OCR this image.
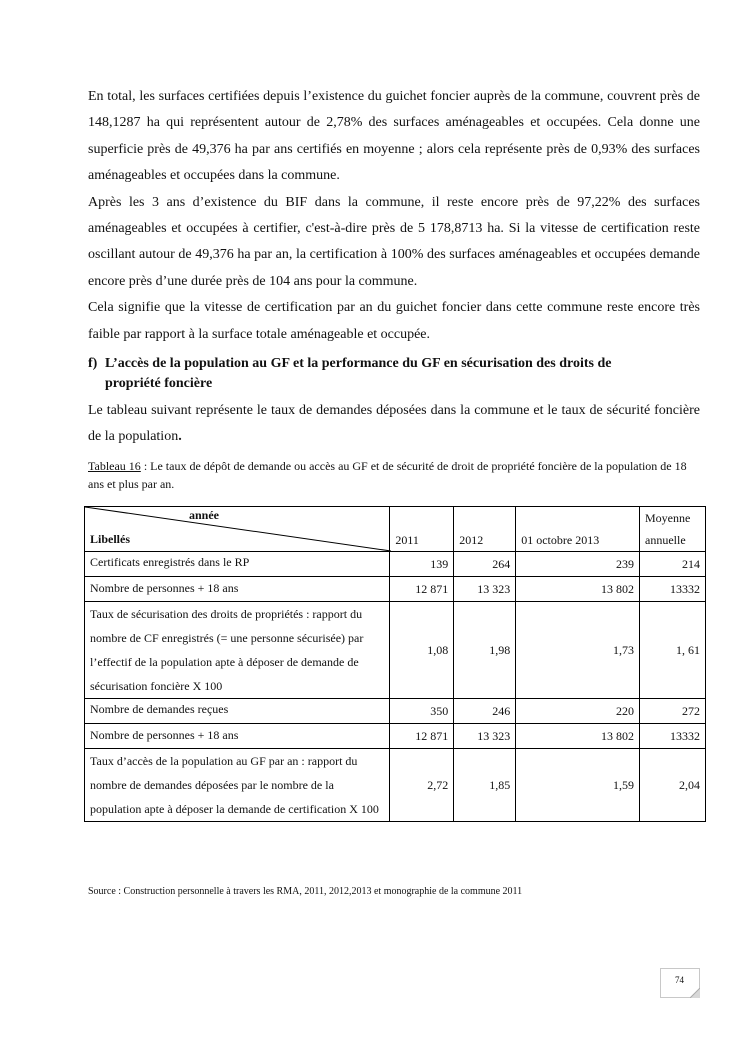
En total, les surfaces certifiées depuis l’existence du guichet foncier auprès de la commune, couvrent près de 148,1287 ha qui représentent autour de 2,78% des surfaces aménageables et occupées. Cela donne une superficie près de 49,376 ha par ans certifiés en moyenne ; alors cela représente près de 0,93% des surfaces aménageables et occupées dans la commune.

Après les 3 ans d’existence du BIF dans la commune, il reste encore près de 97,22% des surfaces aménageables et occupées à certifier, c'est-à-dire près de 5 178,8713 ha. Si la vitesse de certification reste oscillant autour de 49,376 ha par an, la certification à 100% des surfaces aménageables et occupées demande encore près d’une durée près de 104 ans pour la commune.

Cela signifie que la vitesse de certification par an du guichet foncier dans cette commune reste encore très faible par rapport à la surface totale aménageable et occupée.

f) L’accès de la population au GF et la performance du GF en sécurisation des droits de
propriété foncière

Le tableau suivant représente le taux de demandes déposées dans la commune et le taux de sécurité foncière de la population.

Tableau 16 : Le taux de dépôt de demande ou accès au GF et de sécurité de droit de propriété foncière de la population de 18 ans et plus par an.

année
Libellés	2011	2012	01 octobre 2013	Moyenne
annuelle
Certificats enregistrés dans le RP	139	264	239	214
Nombre de personnes + 18 ans	12 871	13 323	13 802	13332
Taux de sécurisation des droits de propriétés : rapport du nombre de CF enregistrés (= une personne sécurisée) par l’effectif de la population apte à déposer de demande de sécurisation foncière X 100	1,08	1,98	1,73	1, 61
Nombre de demandes reçues	350	246	220	272
Nombre de personnes + 18 ans	12 871	13 323	13 802	13332
Taux d’accès de la population au GF par an : rapport du nombre de demandes déposées par le nombre de la population apte à déposer la demande de certification X 100	2,72	1,85	1,59	2,04
Source : Construction personnelle à travers les RMA, 2011, 2012,2013 et monographie de la commune 2011
74
